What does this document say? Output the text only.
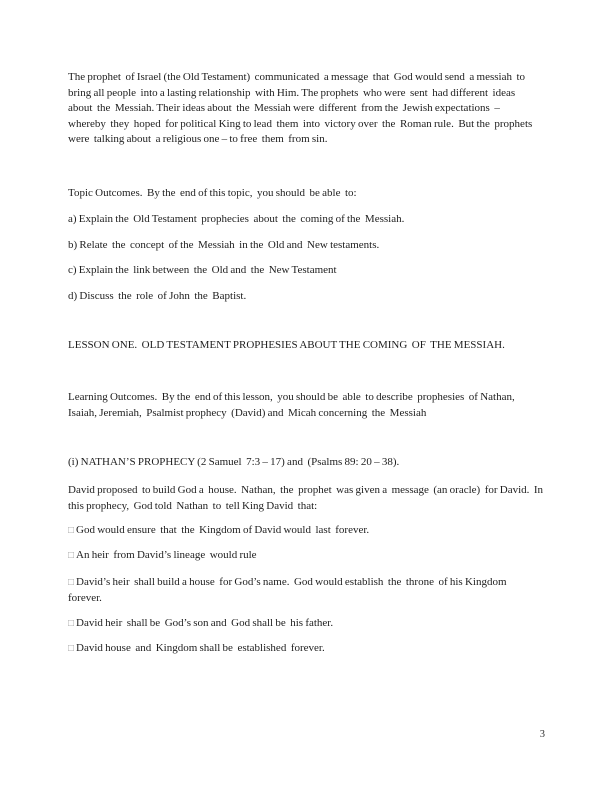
The prophet  of Israel (the Old Testament)  communicated  a message  that  God would send  a messiah  to
bring all people  into a lasting relationship  with Him. The prophets  who were  sent  had different  ideas
about  the  Messiah. Their ideas about  the  Messiah were  different  from the  Jewish expectations  –
whereby  they  hoped  for political King to lead  them  into  victory over  the  Roman rule.  But the  prophets
were  talking about  a religious one – to free  them  from sin.
Topic Outcomes.  By the  end of this topic,  you should  be able  to:
a) Explain the  Old Testament  prophecies  about  the  coming of the  Messiah.
b) Relate  the  concept  of the  Messiah  in the  Old and  New testaments.
c) Explain the  link between  the  Old and  the  New Testament
d) Discuss  the  role  of John  the  Baptist.
LESSON ONE.  OLD TESTAMENT PROPHESIES ABOUT THE COMING  OF  THE MESSIAH.
Learning Outcomes.  By the  end of this lesson,  you should be  able  to describe  prophesies  of Nathan,
Isaiah, Jeremiah,  Psalmist prophecy  (David) and  Micah concerning  the  Messiah
(i) NATHAN’S PROPHECY (2 Samuel  7:3 – 17) and  (Psalms 89: 20 – 38).
David proposed  to build God a  house.  Nathan,  the  prophet  was given a  message  (an oracle)  for David.  In
this prophecy,  God told  Nathan  to  tell King David  that:
□ God would ensure  that  the  Kingdom of David would  last  forever.
□ An heir  from David’s lineage  would rule
□ David’s heir  shall build a house  for God’s name.  God would establish  the  throne  of his Kingdom
forever.
□ David heir  shall be  God’s son and  God shall be  his father.
□ David house  and  Kingdom shall be  established  forever.
3
